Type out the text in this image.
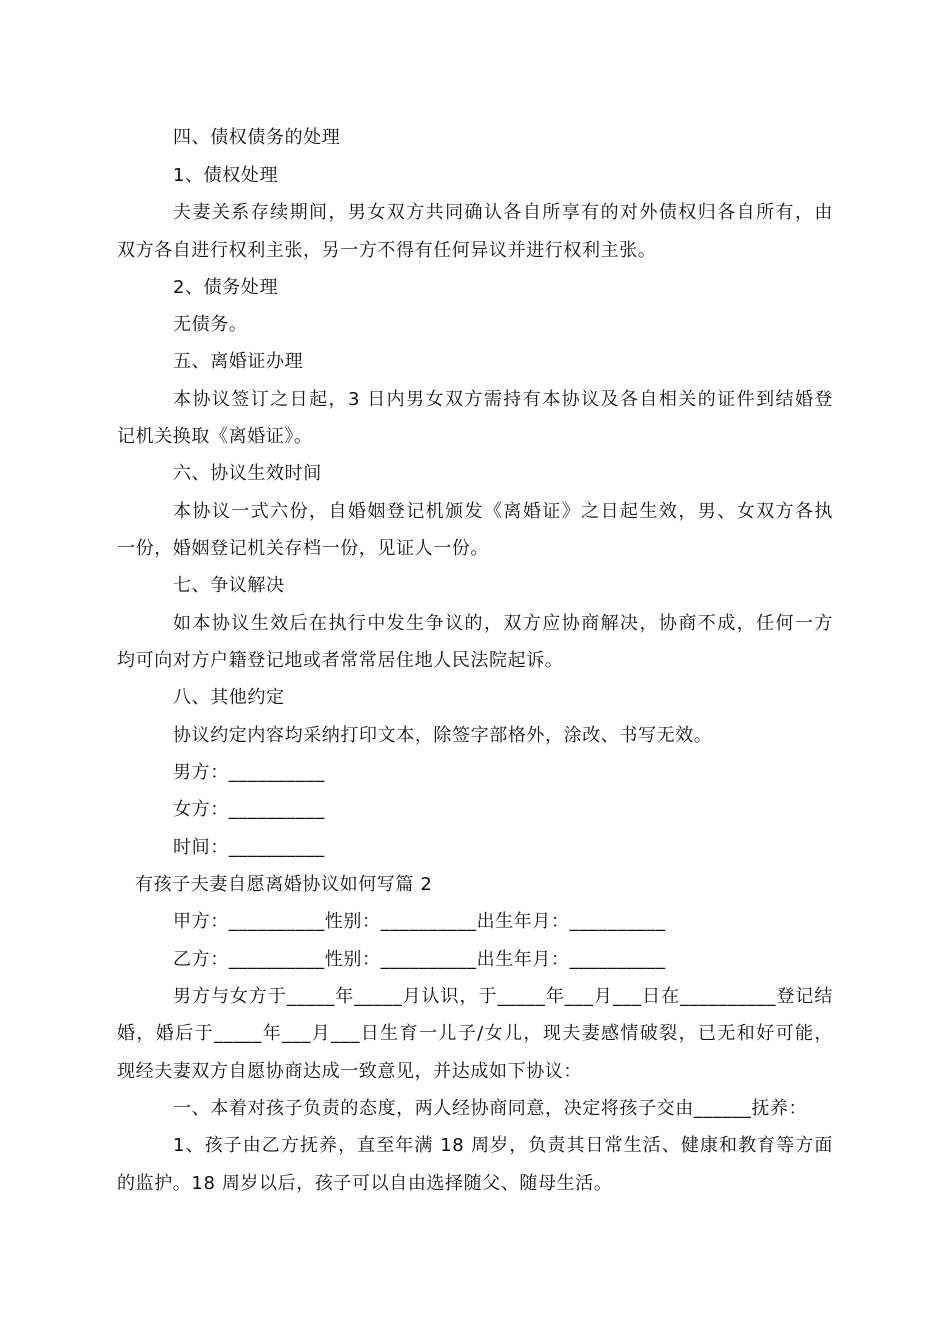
四、债权债务的处理

1、债权处理

夫妻关系存续期间，男女双方共同确认各自所享有的对外债权归各自所有，由

双方各自进行权利主张，另一方不得有任何异议并进行权利主张。

2、债务处理

无债务。

五、离婚证办理

本协议签订之日起，3 日内男女双方需持有本协议及各自相关的证件到结婚登

记机关换取《离婚证》。

六、协议生效时间

本协议一式六份，自婚姻登记机颁发《离婚证》之日起生效，男、女双方各执

一份，婚姻登记机关存档一份，见证人一份。

七、争议解决

如本协议生效后在执行中发生争议的，双方应协商解决，协商不成，任何一方

均可向对方户籍登记地或者常常居住地人民法院起诉。

八、其他约定

协议约定内容均采纳打印文本，除签字部格外，涂改、书写无效。

男方：__________

女方：__________

时间：__________

有孩子夫妻自愿离婚协议如何写篇 2

甲方：__________性别：__________出生年月：__________

乙方：__________性别：__________出生年月：__________

男方与女方于_____年_____月认识，于_____年___月___日在__________登记结

婚，婚后于_____年___月___日生育一儿子/女儿，现夫妻感情破裂，已无和好可能，

现经夫妻双方自愿协商达成一致意见，并达成如下协议：

一、本着对孩子负责的态度，两人经协商同意，决定将孩子交由______抚养：

1、孩子由乙方抚养，直至年满 18 周岁，负责其日常生活、健康和教育等方面

的监护。18 周岁以后，孩子可以自由选择随父、随母生活。
